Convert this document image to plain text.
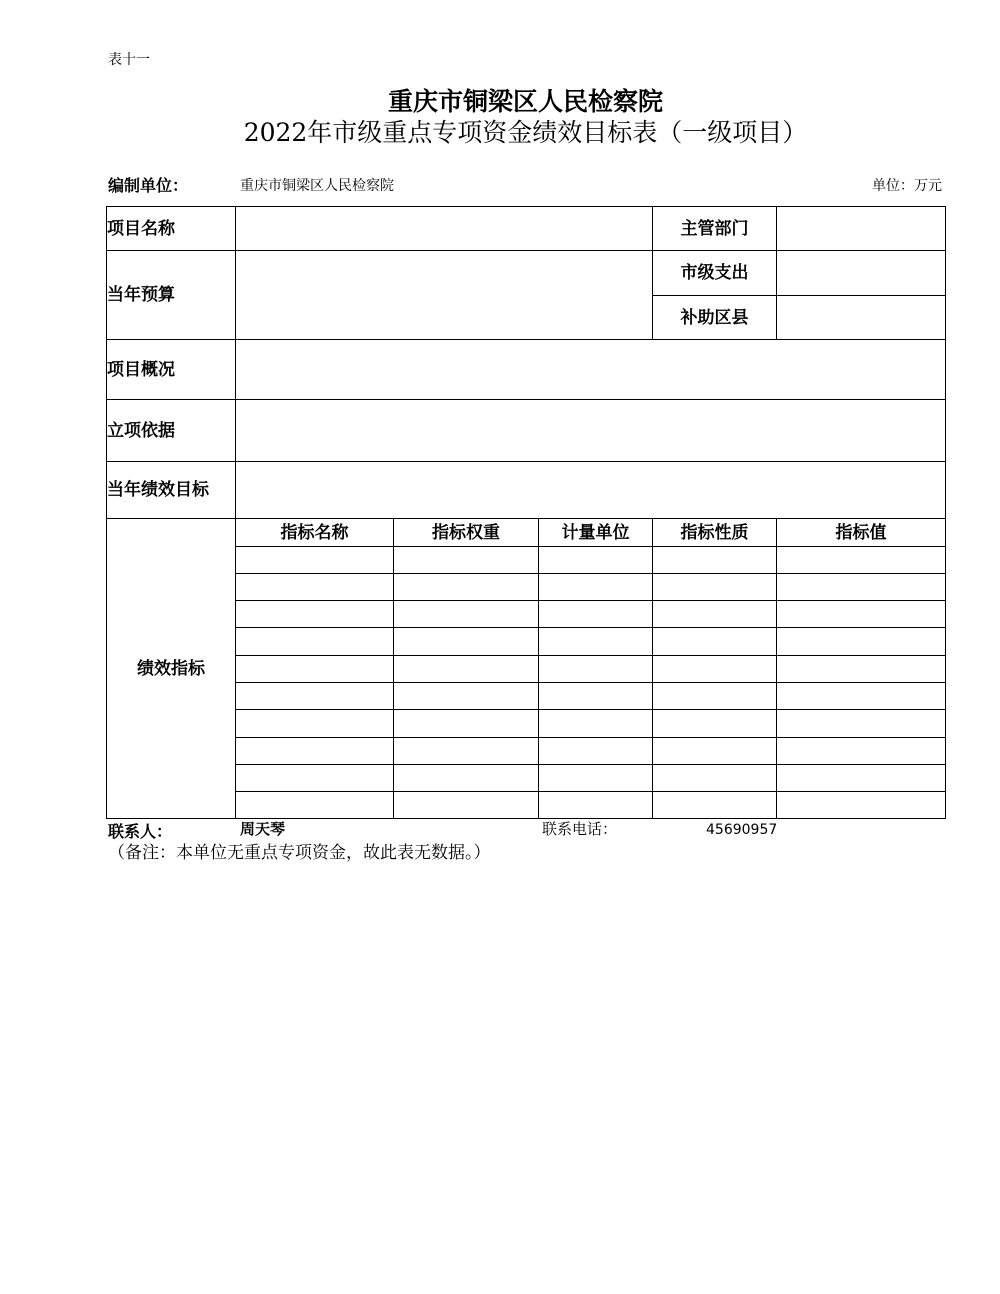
表十一
重庆市铜梁区人民检察院
2022年市级重点专项资金绩效目标表（一级项目）
编制单位：	重庆市铜梁区人民检察院	单位：万元
项目名称				主管部门	
当年预算				市级支出	
				补助区县	
项目概况					
立项依据					
当年绩效目标					
绩效指标	指标名称	指标权重	计量单位	指标性质	指标值

联系人：	周天琴	联系电话：	45690957
（备注：本单位无重点专项资金，故此表无数据。）
